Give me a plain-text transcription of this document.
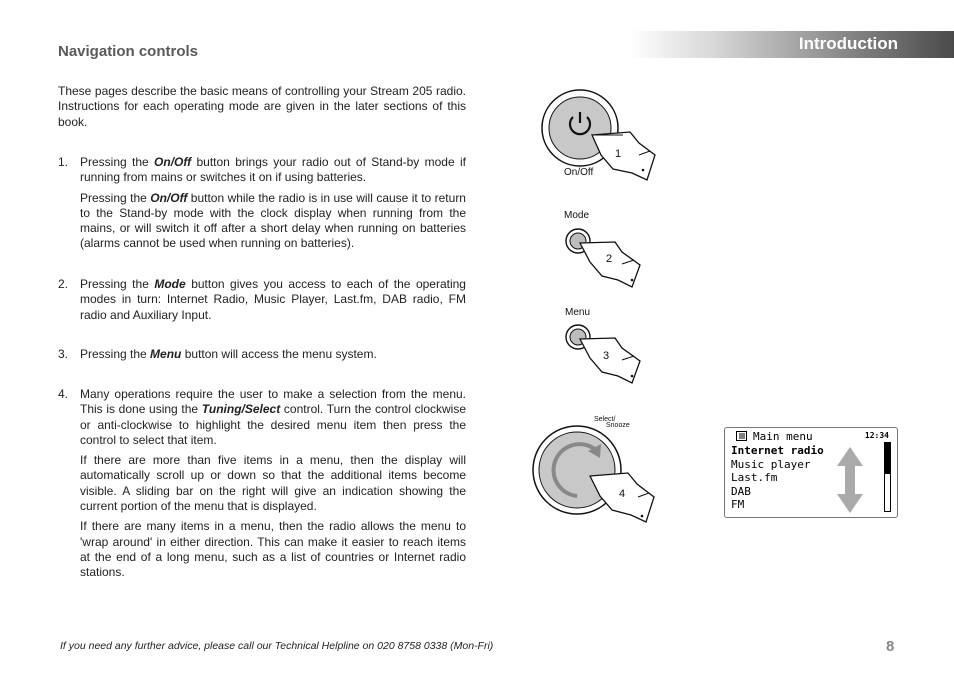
Introduction
Navigation controls

These pages describe the basic means of controlling your Stream 205 radio. Instructions for each operating mode are given in the later sections of this book.

1. Pressing the On/Off button brings your radio out of Stand-by mode if running from mains or switches it on if using batteries.

Pressing the On/Off button while the radio is in use will cause it to return to the Stand-by mode with the clock display when running from the mains, or will switch it off after a short delay when running on batteries (alarms cannot be used when running on batteries).

2. Pressing the Mode button gives you access to each of the operating modes in turn: Internet Radio, Music Player, Last.fm, DAB radio, FM radio and Auxiliary Input.

3. Pressing the Menu button will access the menu system.

4. Many operations require the user to make a selection from the menu. This is done using the Tuning/Select control. Turn the control clockwise or anti-clockwise to highlight the desired menu item then press the control to select that item.

If there are more than five items in a menu, then the display will automatically scroll up or down so that the additional items become visible. A sliding bar on the right will give an indication showing the current portion of the menu that is displayed.

If there are many items in a menu, then the radio allows the menu to 'wrap around' in either direction. This can make it easier to reach items at the end of a long menu, such as a list of countries or Internet radio stations.

1
On/Off
Mode
2
Menu
3
Select/
Snooze
4
Main menu	12:34
Internet radio
Music player
Last.fm
DAB
FM
If you need any further advice, please call our Technical Helpline on 020 8758 0338 (Mon-Fri)	8
